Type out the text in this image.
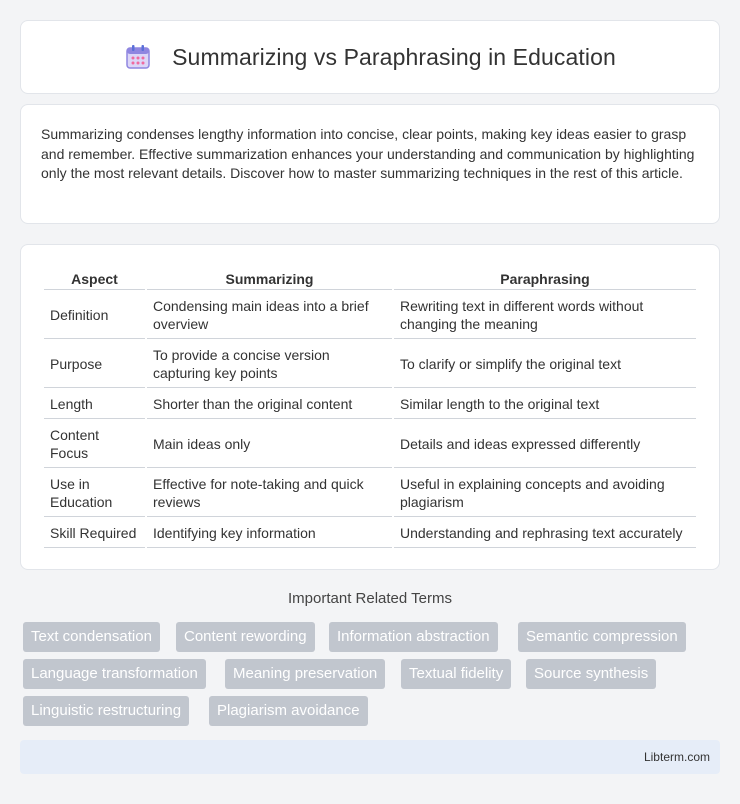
Summarizing vs Paraphrasing in Education

Summarizing condenses lengthy information into concise, clear points, making key ideas easier to grasp and remember. Effective summarization enhances your understanding and communication by highlighting only the most relevant details. Discover how to master summarizing techniques in the rest of this article.

Aspect	Summarizing	Paraphrasing
Definition	Condensing main ideas into a brief overview	Rewriting text in different words without changing the meaning
Purpose	To provide a concise version capturing key points	To clarify or simplify the original text
Length	Shorter than the original content	Similar length to the original text
Content Focus	Main ideas only	Details and ideas expressed differently
Use in Education	Effective for note-taking and quick reviews	Useful in explaining concepts and avoiding plagiarism
Skill Required	Identifying key information	Understanding and rephrasing text accurately
Important Related Terms
Text condensation	Content rewording	Information abstraction	Semantic compression
Language transformation	Meaning preservation	Textual fidelity	Source synthesis
Linguistic restructuring	Plagiarism avoidance
Libterm.com
